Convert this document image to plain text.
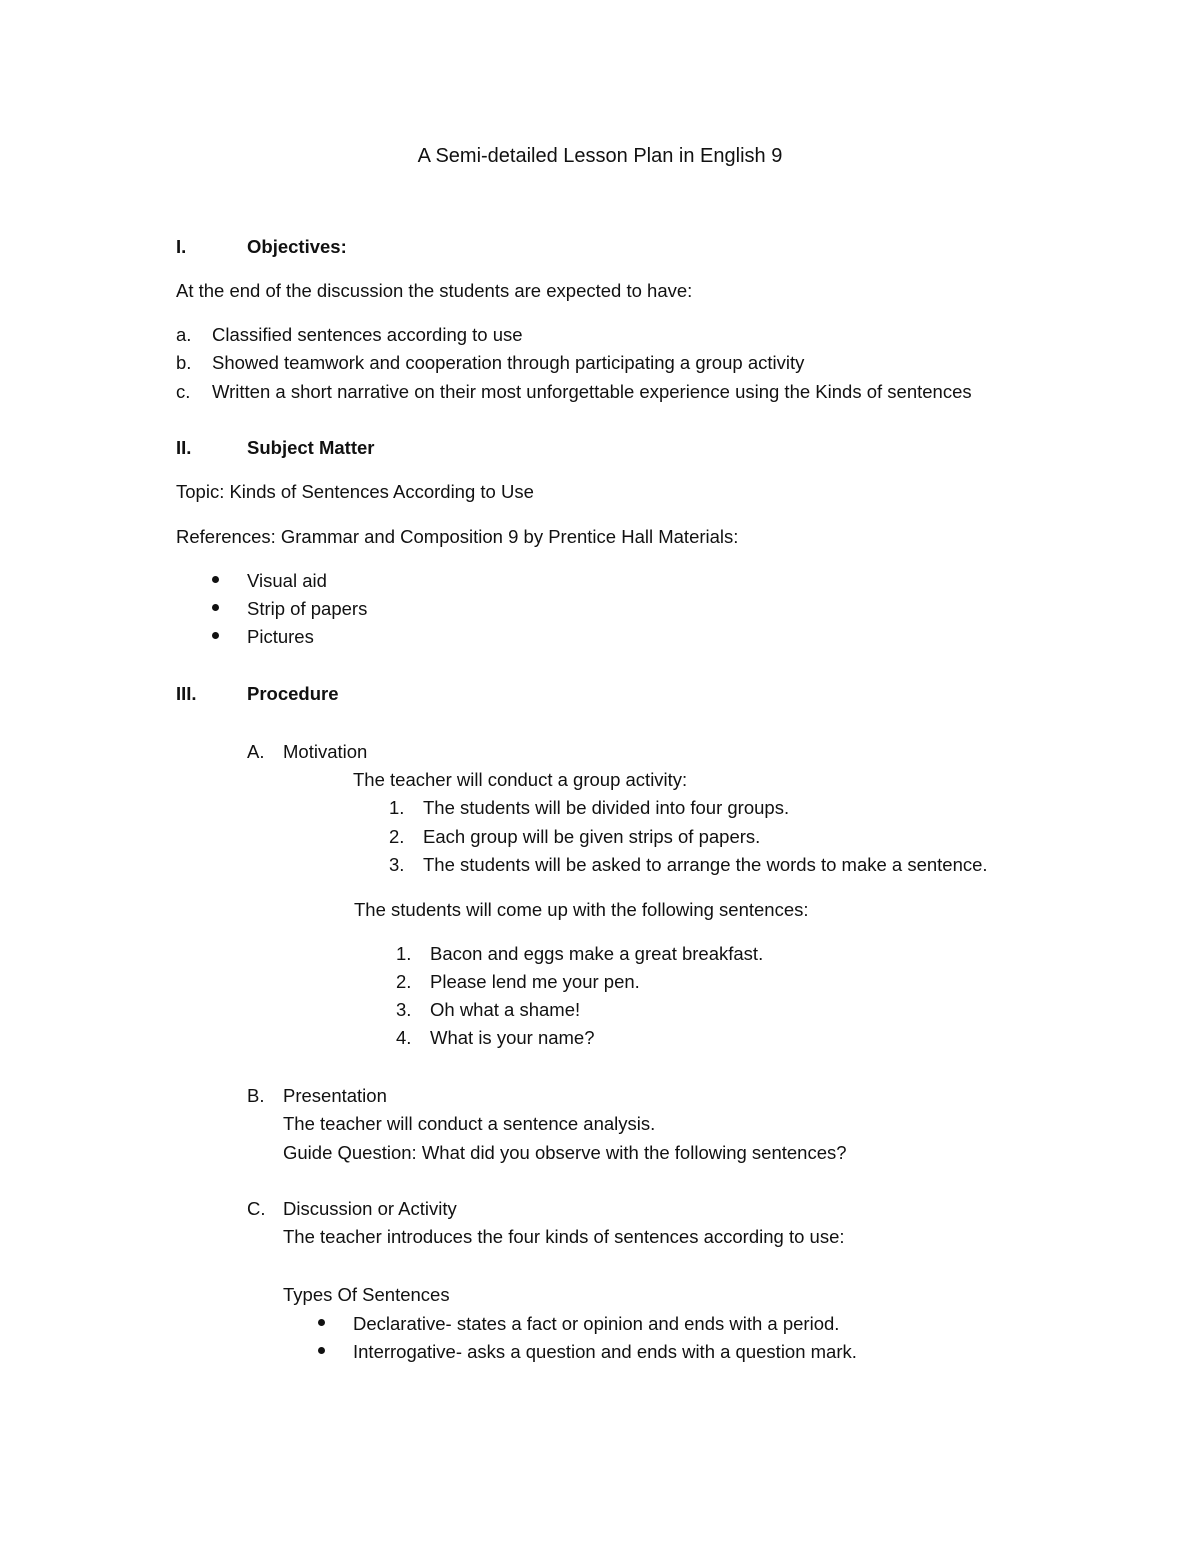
A Semi-detailed Lesson Plan in English 9
I.	Objectives:
At the end of the discussion the students are expected to have:
a. Classified sentences according to use
b. Showed teamwork and cooperation through participating a group activity
c. Written a short narrative on their most unforgettable experience using the Kinds of sentences
II.	Subject Matter
Topic: Kinds of Sentences According to Use
References: Grammar and Composition 9 by Prentice Hall Materials:
Visual aid
Strip of papers
Pictures
III.	Procedure
A. Motivation
The teacher will conduct a group activity:
1. The students will be divided into four groups.
2. Each group will be given strips of papers.
3. The students will be asked to arrange the words to make a sentence.
The students will come up with the following sentences:
1. Bacon and eggs make a great breakfast.
2. Please lend me your pen.
3. Oh what a shame!
4. What is your name?
B. Presentation
The teacher will conduct a sentence analysis.
Guide Question: What did you observe with the following sentences?
C. Discussion or Activity
The teacher introduces the four kinds of sentences according to use:
Types Of Sentences
Declarative- states a fact or opinion and ends with a period.
Interrogative- asks a question and ends with a question mark.
